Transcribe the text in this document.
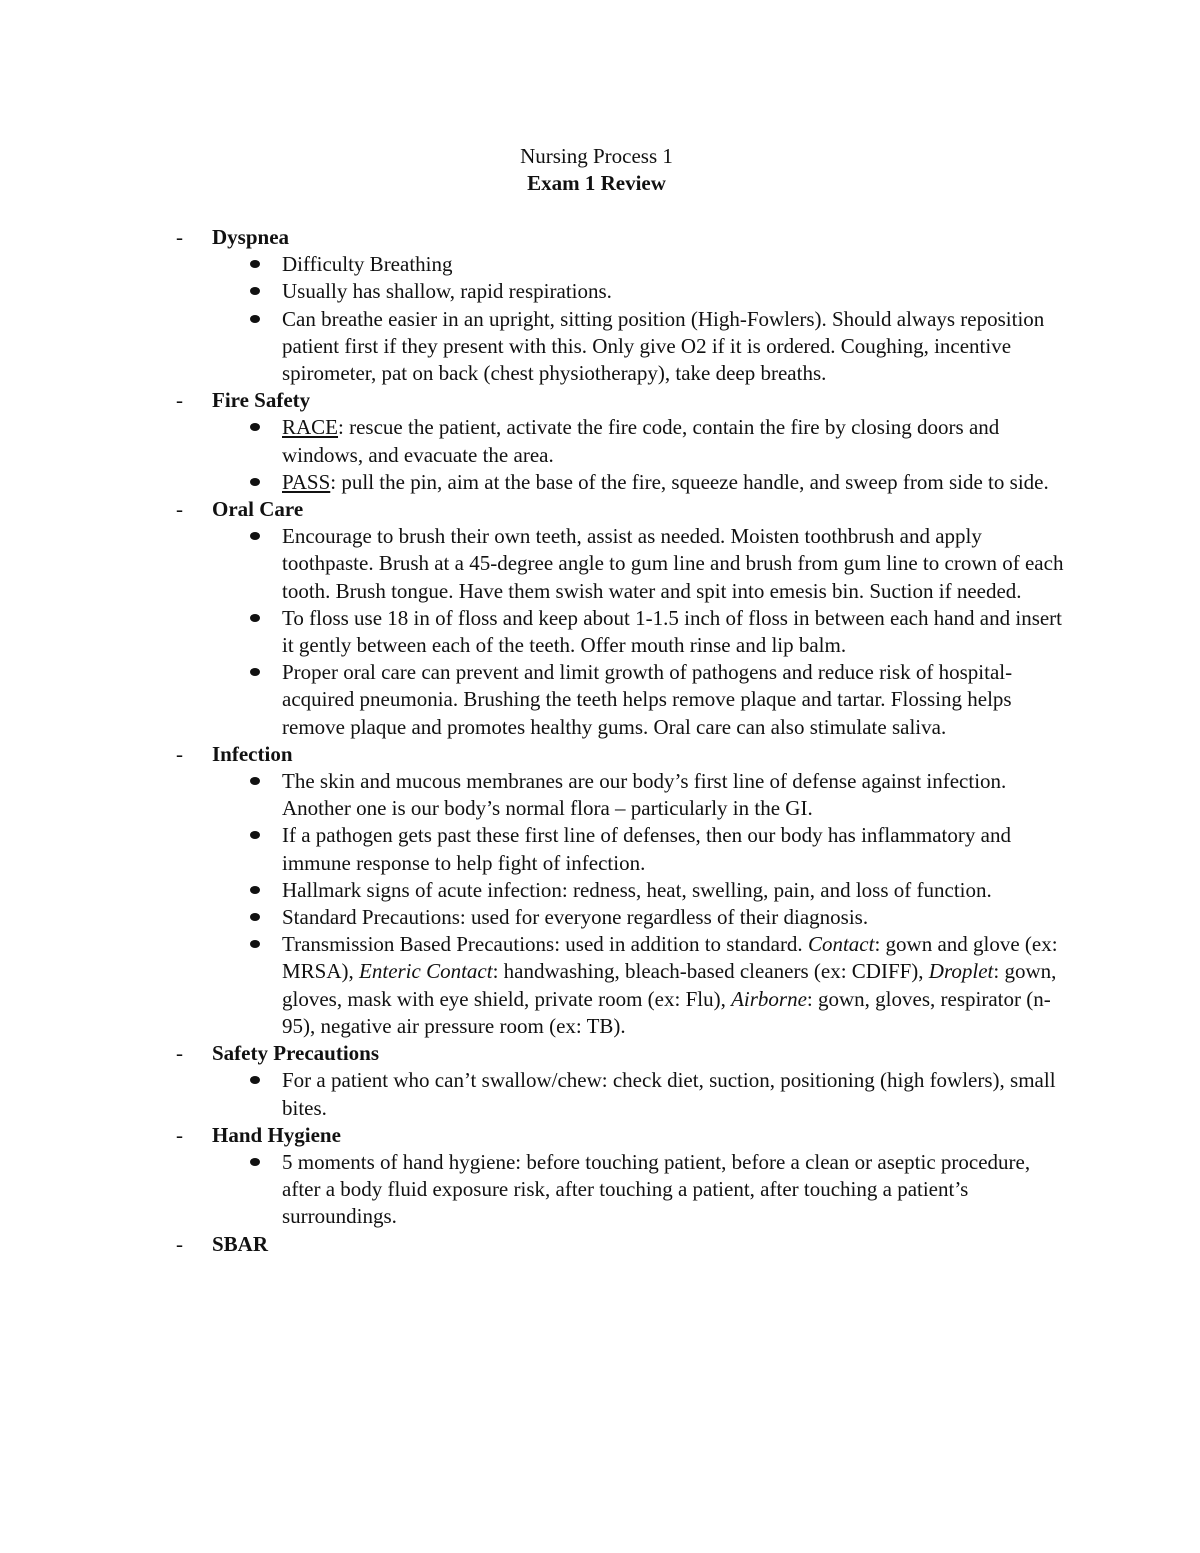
Nursing Process 1
Exam 1 Review
- Dyspnea
Difficulty Breathing
Usually has shallow, rapid respirations.
Can breathe easier in an upright, sitting position (High-Fowlers). Should always reposition patient first if they present with this. Only give O2 if it is ordered. Coughing, incentive spirometer, pat on back (chest physiotherapy), take deep breaths.
- Fire Safety
RACE: rescue the patient, activate the fire code, contain the fire by closing doors and windows, and evacuate the area.
PASS: pull the pin, aim at the base of the fire, squeeze handle, and sweep from side to side.
- Oral Care
Encourage to brush their own teeth, assist as needed. Moisten toothbrush and apply toothpaste. Brush at a 45-degree angle to gum line and brush from gum line to crown of each tooth. Brush tongue. Have them swish water and spit into emesis bin. Suction if needed.
To floss use 18 in of floss and keep about 1-1.5 inch of floss in between each hand and insert it gently between each of the teeth. Offer mouth rinse and lip balm.
Proper oral care can prevent and limit growth of pathogens and reduce risk of hospital-acquired pneumonia. Brushing the teeth helps remove plaque and tartar. Flossing helps remove plaque and promotes healthy gums. Oral care can also stimulate saliva.
- Infection
The skin and mucous membranes are our body’s first line of defense against infection. Another one is our body’s normal flora – particularly in the GI.
If a pathogen gets past these first line of defenses, then our body has inflammatory and immune response to help fight of infection.
Hallmark signs of acute infection: redness, heat, swelling, pain, and loss of function.
Standard Precautions: used for everyone regardless of their diagnosis.
Transmission Based Precautions: used in addition to standard. Contact: gown and glove (ex: MRSA), Enteric Contact: handwashing, bleach-based cleaners (ex: CDIFF), Droplet: gown, gloves, mask with eye shield, private room (ex: Flu), Airborne: gown, gloves, respirator (n-95), negative air pressure room (ex: TB).
- Safety Precautions
For a patient who can’t swallow/chew: check diet, suction, positioning (high fowlers), small bites.
- Hand Hygiene
5 moments of hand hygiene: before touching patient, before a clean or aseptic procedure, after a body fluid exposure risk, after touching a patient, after touching a patient’s surroundings.
- SBAR
